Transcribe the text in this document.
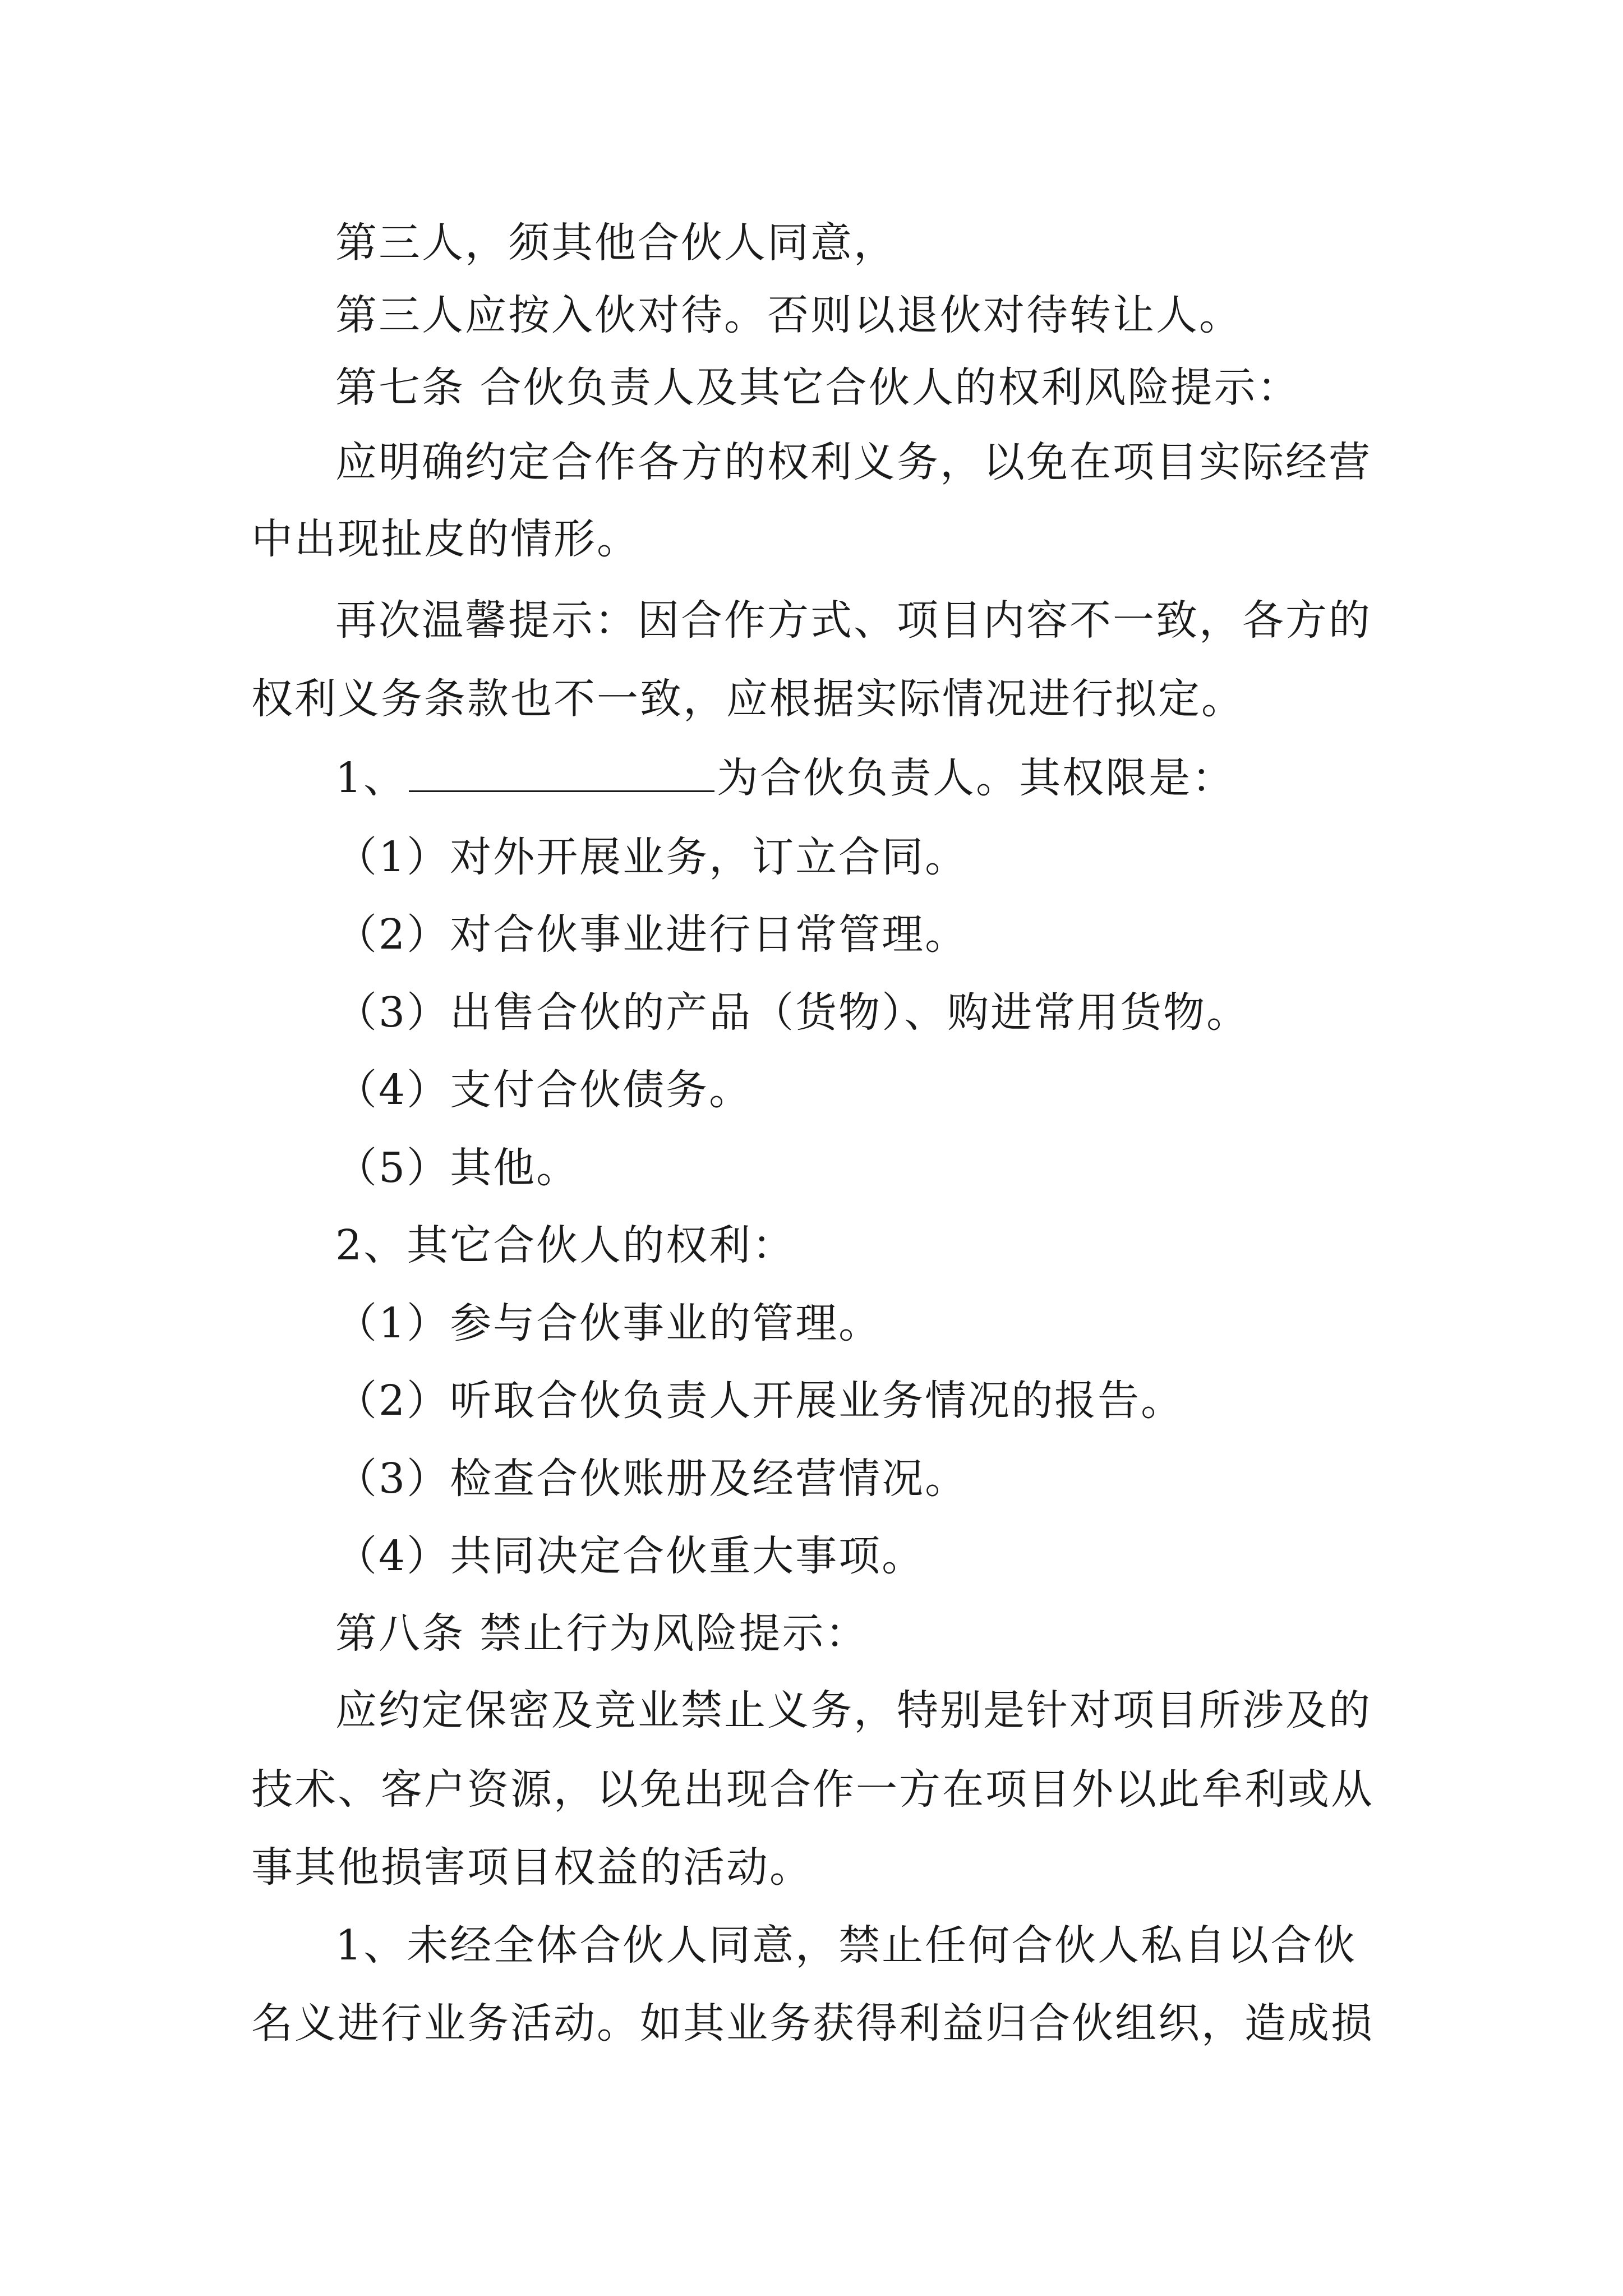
第三人，须其他合伙人同意，
第三人应按入伙对待。否则以退伙对待转让人。
第七条 合伙负责人及其它合伙人的权利风险提示：
应明确约定合作各方的权利义务，以免在项目实际经营
中出现扯皮的情形。
再次温馨提示：因合作方式、项目内容不一致，各方的
权利义务条款也不一致，应根据实际情况进行拟定。
1、	为合伙负责人。其权限是：
（1）对外开展业务，订立合同。
（2）对合伙事业进行日常管理。
（3）出售合伙的产品（货物）、购进常用货物。
（4）支付合伙债务。
（5）其他。
2、其它合伙人的权利：
（1）参与合伙事业的管理。
（2）听取合伙负责人开展业务情况的报告。
（3）检查合伙账册及经营情况。
（4）共同决定合伙重大事项。
第八条 禁止行为风险提示：
应约定保密及竞业禁止义务，特别是针对项目所涉及的
技术、客户资源，以免出现合作一方在项目外以此牟利或从
事其他损害项目权益的活动。
1、未经全体合伙人同意，禁止任何合伙人私自以合伙
名义进行业务活动。如其业务获得利益归合伙组织，造成损
